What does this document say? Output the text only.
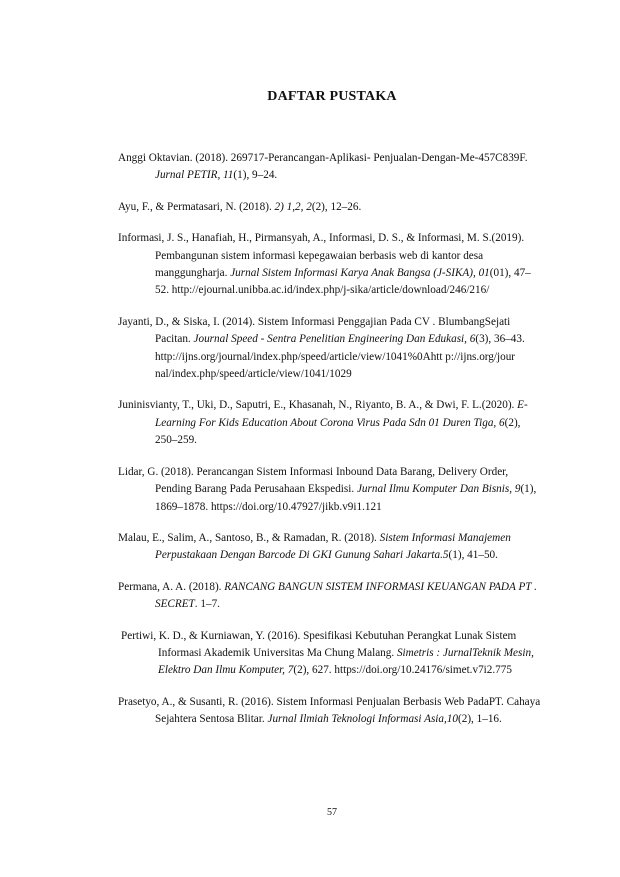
DAFTAR PUSTAKA

Anggi Oktavian. (2018). 269717-Perancangan-Aplikasi- Penjualan-Dengan-Me-457C839F. Jurnal PETIR, 11(1), 9–24.

Ayu, F., & Permatasari, N. (2018). 2) 1,2, 2(2), 12–26.

Informasi, J. S., Hanafiah, H., Pirmansyah, A., Informasi, D. S., & Informasi, M. S.(2019). Pembangunan sistem informasi kepegawaian berbasis web di kantor desa manggungharja. Jurnal Sistem Informasi Karya Anak Bangsa (J-SIKA), 01(01), 47–52. http://ejournal.unibba.ac.id/index.php/j-sika/article/download/246/216/

Jayanti, D., & Siska, I. (2014). Sistem Informasi Penggajian Pada CV . BlumbangSejati Pacitan. Journal Speed - Sentra Penelitian Engineering Dan Edukasi, 6(3), 36–43. http://ijns.org/journal/index.php/speed/article/view/1041%0Ahtt p://ijns.org/jour nal/index.php/speed/article/view/1041/1029

Juninisvianty, T., Uki, D., Saputri, E., Khasanah, N., Riyanto, B. A., & Dwi, F. L.(2020). E-Learning For Kids Education About Corona Virus Pada Sdn 01 Duren Tiga, 6(2), 250–259.

Lidar, G. (2018). Perancangan Sistem Informasi Inbound Data Barang, Delivery Order, Pending Barang Pada Perusahaan Ekspedisi. Jurnal Ilmu Komputer Dan Bisnis, 9(1), 1869–1878. https://doi.org/10.47927/jikb.v9i1.121

Malau, E., Salim, A., Santoso, B., & Ramadan, R. (2018). Sistem Informasi Manajemen Perpustakaan Dengan Barcode Di GKI Gunung Sahari Jakarta.5(1), 41–50.

Permana, A. A. (2018). RANCANG BANGUN SISTEM INFORMASI KEUANGAN PADA PT . SECRET. 1–7.

Pertiwi, K. D., & Kurniawan, Y. (2016). Spesifikasi Kebutuhan Perangkat Lunak Sistem Informasi Akademik Universitas Ma Chung Malang. Simetris : JurnalTeknik Mesin, Elektro Dan Ilmu Komputer, 7(2), 627. https://doi.org/10.24176/simet.v7i2.775

Prasetyo, A., & Susanti, R. (2016). Sistem Informasi Penjualan Berbasis Web PadaPT. Cahaya Sejahtera Sentosa Blitar. Jurnal Ilmiah Teknologi Informasi Asia,10(2), 1–16.

57
